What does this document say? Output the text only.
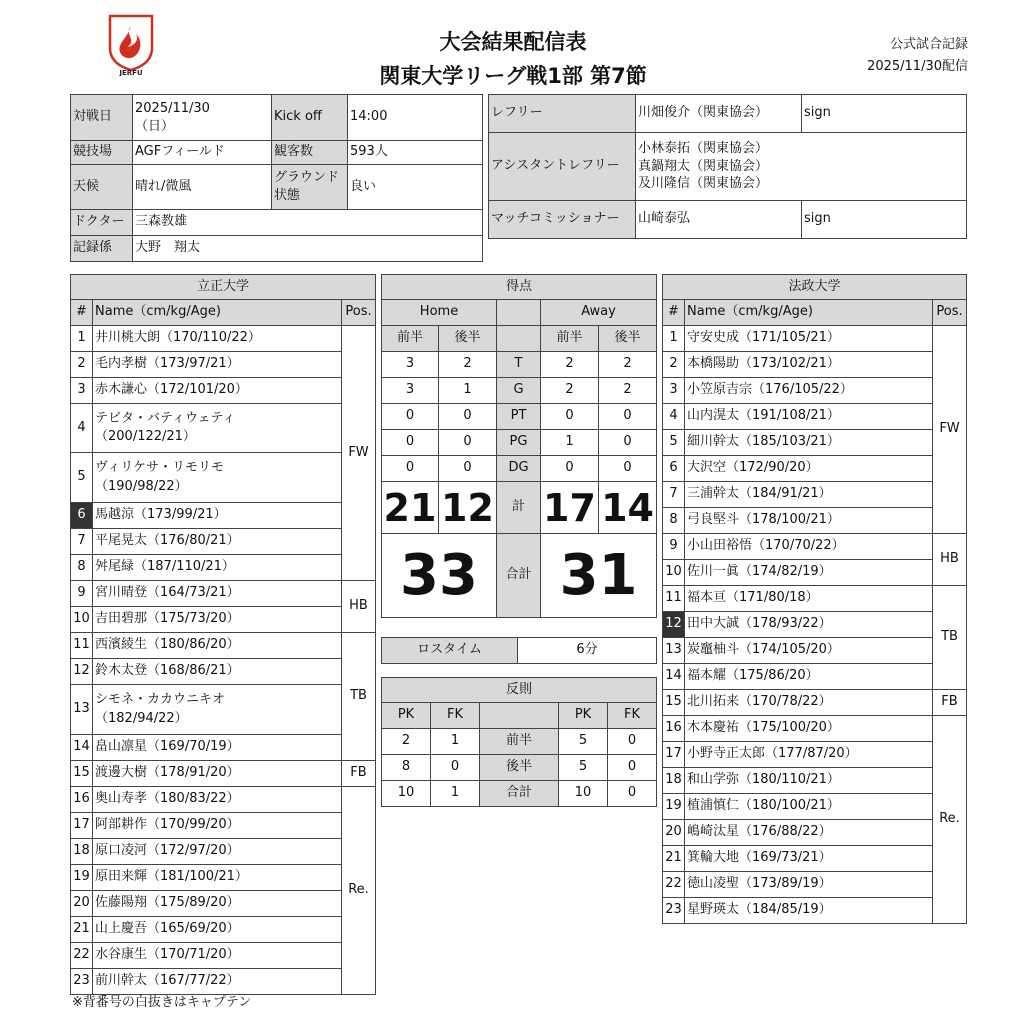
JERFU
大会結果配信表
関東大学リーグ戦1部 第7節
公式試合記録
2025/11/30配信
対戦日	2025/11/30
（日）	Kick off	14:00
競技場	AGFフィールド	観客数	593人
天候	晴れ/微風	グラウンド
状態	良い
ドクター	三森教雄		
記録係	大野　翔太		
レフリー	川畑俊介（関東協会）	sign
アシスタントレフリー	小林泰拓（関東協会）
真鍋翔太（関東協会）
及川隆信（関東協会）	

マッチコミッショナー	山崎泰弘	sign
立正大学		
#	Name（cm/kg/Age)	Pos.
1	井川桃大朗（170/110/22）	FW
2	毛内孝樹（173/97/21）	
3	赤木謙心（172/101/20）	
4	テビタ・バティウェティ
（200/122/21）	

5	ヴィリケサ・リモリモ
（190/98/22）	

6	馬越涼（173/99/21）	
7	平尾晃太（176/80/21）	
8	舛尾緑（187/110/21）	
9	宮川晴登（164/73/21）	HB
10	吉田碧那（175/73/20）	
11	西濱綾生（180/86/20）	TB
12	鈴木太登（168/86/21）	
13	シモネ・カカウニキオ
（182/94/22）	

14	畠山凛星（169/70/19）	
15	渡邊大樹（178/91/20）	FB
16	奥山寿孝（180/83/22）	Re.
17	阿部耕作（170/99/20）	
18	原口凌河（172/97/20）	
19	原田来輝（181/100/21）	
20	佐藤陽翔（175/89/20）	
21	山上慶吾（165/69/20）	
22	水谷康生（170/71/20）	
23	前川幹太（167/77/22）	
得点				
Home			Away	
前半	後半		前半	後半
3	2	T	2	2
3	1	G	2	2
0	0	PT	0	0
0	0	PG	1	0
0	0	DG	0	0
21	12	計	17	14
33		合計	31	
ロスタイム	6分
反則				
PK	FK		PK	FK
2	1	前半	5	0
8	0	後半	5	0
10	1	合計	10	0
法政大学		
#	Name（cm/kg/Age)	Pos.
1	守安史成（171/105/21）	FW
2	本橋陽助（173/102/21）	
3	小笠原吉宗（176/105/22）	
4	山内滉太（191/108/21）	
5	細川幹太（185/103/21）	
6	大沢空（172/90/20）	
7	三浦幹太（184/91/21）	
8	弓良堅斗（178/100/21）	
9	小山田裕悟（170/70/22）	HB
10	佐川一眞（174/82/19）	
11	福本亘（171/80/18）	TB
12	田中大誠（178/93/22）	
13	炭竈柚斗（174/105/20）	
14	福本耀（175/86/20）	
15	北川拓来（170/78/22）	FB
16	木本慶祐（175/100/20）	Re.
17	小野寺正太郎（177/87/20）	
18	和山学弥（180/110/21）	
19	植浦慎仁（180/100/21）	
20	嶋崎汰星（176/88/22）	
21	箕輪大地（169/73/21）	
22	徳山凌聖（173/89/19）	
23	星野瑛太（184/85/19）	
※背番号の白抜きはキャプテン
